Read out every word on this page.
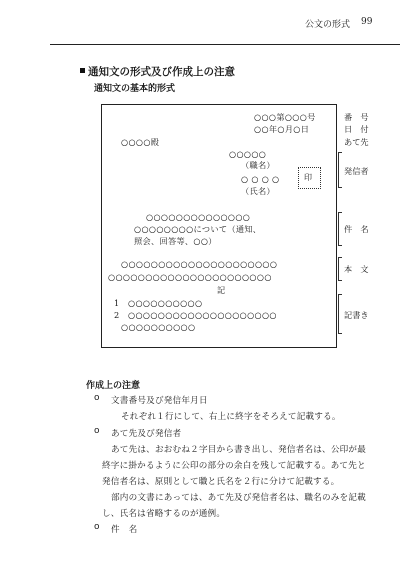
公文の形式 99
通知文の形式及び作成上の注意
通知文の基本的形式
○○○第○○○号
○○年○月○日
○○○○殿
○○○○○
（職名）
○ ○ ○ ○	印
（氏名）
○○○○○○○○○○○○○○
○○○○○○○○について（通知、
照会、回答等、○○）
○○○○○○○○○○○○○○○○○○○○○
○○○○○○○○○○○○○○○○○○○○○○
記
1　○○○○○○○○○○
2　○○○○○○○○○○○○○○○○○○○○
○○○○○○○○○○
番　号
日　付
あて先
発信者
件　名
本　文
記書き
作成上の注意
o 文書番号及び発信年月日
それぞれ１行にして、右上に終字をそろえて記載する。
o あて先及び発信者
あて先は、おおむね２字目から書き出し、発信者名は、公印が最
終字に掛かるように公印の部分の余白を残して記載する。あて先と
発信者名は、原則として職と氏名を２行に分けて記載する。
部内の文書にあっては、あて先及び発信者名は、職名のみを記載
し、氏名は省略するのが通例。
o 件　名
